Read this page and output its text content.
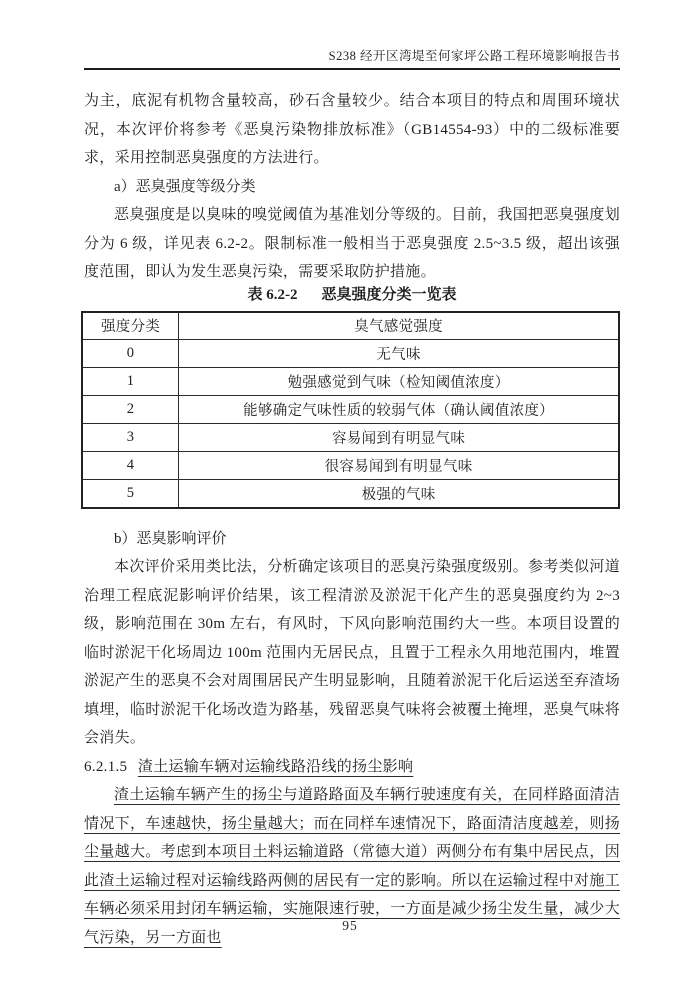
S238 经开区湾堤至何家坪公路工程环境影响报告书

为主，底泥有机物含量较高，砂石含量较少。结合本项目的特点和周围环境状况，本次评价将参考《恶臭污染物排放标准》（GB14554-93）中的二级标准要求，采用控制恶臭强度的方法进行。

a）恶臭强度等级分类

恶臭强度是以臭味的嗅觉阈值为基准划分等级的。目前，我国把恶臭强度划分为 6 级，详见表 6.2-2。限制标准一般相当于恶臭强度 2.5~3.5 级，超出该强度范围，即认为发生恶臭污染，需要采取防护措施。

表 6.2-2 恶臭强度分类一览表
强度分类	臭气感觉强度
0	无气味
1	勉强感觉到气味（检知阈值浓度）
2	能够确定气味性质的较弱气体（确认阈值浓度）
3	容易闻到有明显气味
4	很容易闻到有明显气味
5	极强的气味

b）恶臭影响评价

本次评价采用类比法，分析确定该项目的恶臭污染强度级别。参考类似河道治理工程底泥影响评价结果，该工程清淤及淤泥干化产生的恶臭强度约为 2~3 级，影响范围在 30m 左右，有风时，下风向影响范围约大一些。本项目设置的临时淤泥干化场周边 100m 范围内无居民点，且置于工程永久用地范围内，堆置淤泥产生的恶臭不会对周围居民产生明显影响，且随着淤泥干化后运送至弃渣场填埋，临时淤泥干化场改造为路基，残留恶臭气味将会被覆土掩埋，恶臭气味将会消失。

6.2.1.5 渣土运输车辆对运输线路沿线的扬尘影响

渣土运输车辆产生的扬尘与道路路面及车辆行驶速度有关，在同样路面清洁情况下，车速越快，扬尘量越大；而在同样车速情况下，路面清洁度越差，则扬尘量越大。考虑到本项目土料运输道路（常德大道）两侧分布有集中居民点，因此渣土运输过程对运输线路两侧的居民有一定的影响。所以在运输过程中对施工车辆必须采用封闭车辆运输，实施限速行驶，一方面是减少扬尘发生量，减少大气污染，另一方面也

95
